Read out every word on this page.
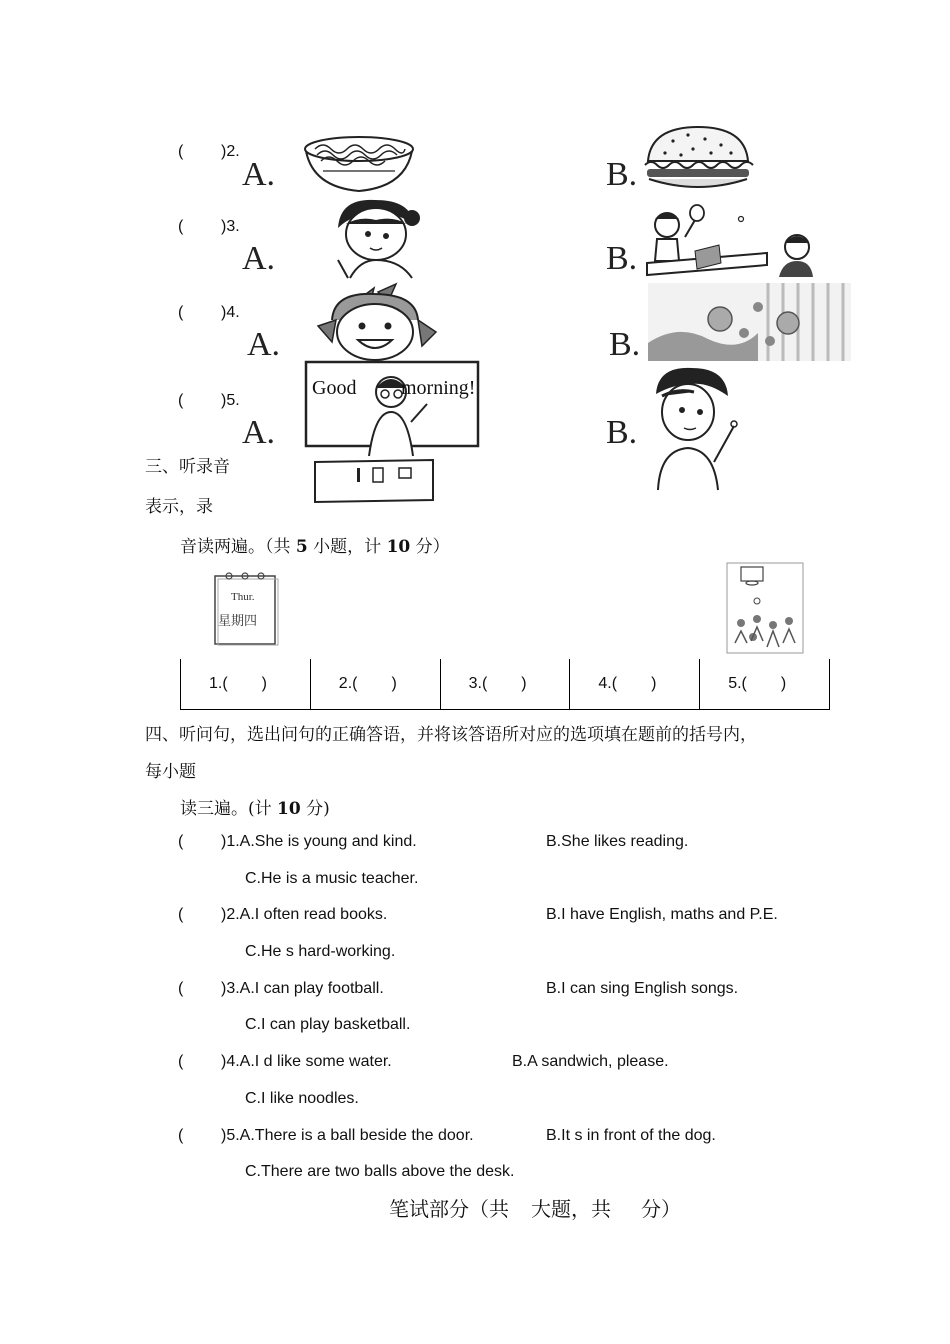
( )2.
A.	B.
( )3.
A.	B.
( )4.
A.	B.
( )5.
A.	B.
Good morning!
三、听录音
表示，录
音读两遍。（共 5 小题，计 10 分）
Thur.
星期四
1.( )	2.( )	3.( )	4.( )	5.( )
四、听问句，选出问句的正确答语，并将该答语所对应的选项填在题前的括号内，
每小题
读三遍。(计 10 分)
( )1.A.She is young and kind.	B.She likes reading.
C.He is a music teacher.
( )2.A.I often read books.	B.I have English, maths and P.E.
C.He s hard-working.
( )3.A.I can play football.	B.I can sing English songs.
C.I can play basketball.
( )4.A.I d like some water.	B.A sandwich, please.
C.I like noodles.
( )5.A.There is a ball beside the door.	B.It s in front of the dog.
C.There are two balls above the desk.
笔试部分（共 大题，共 分）
